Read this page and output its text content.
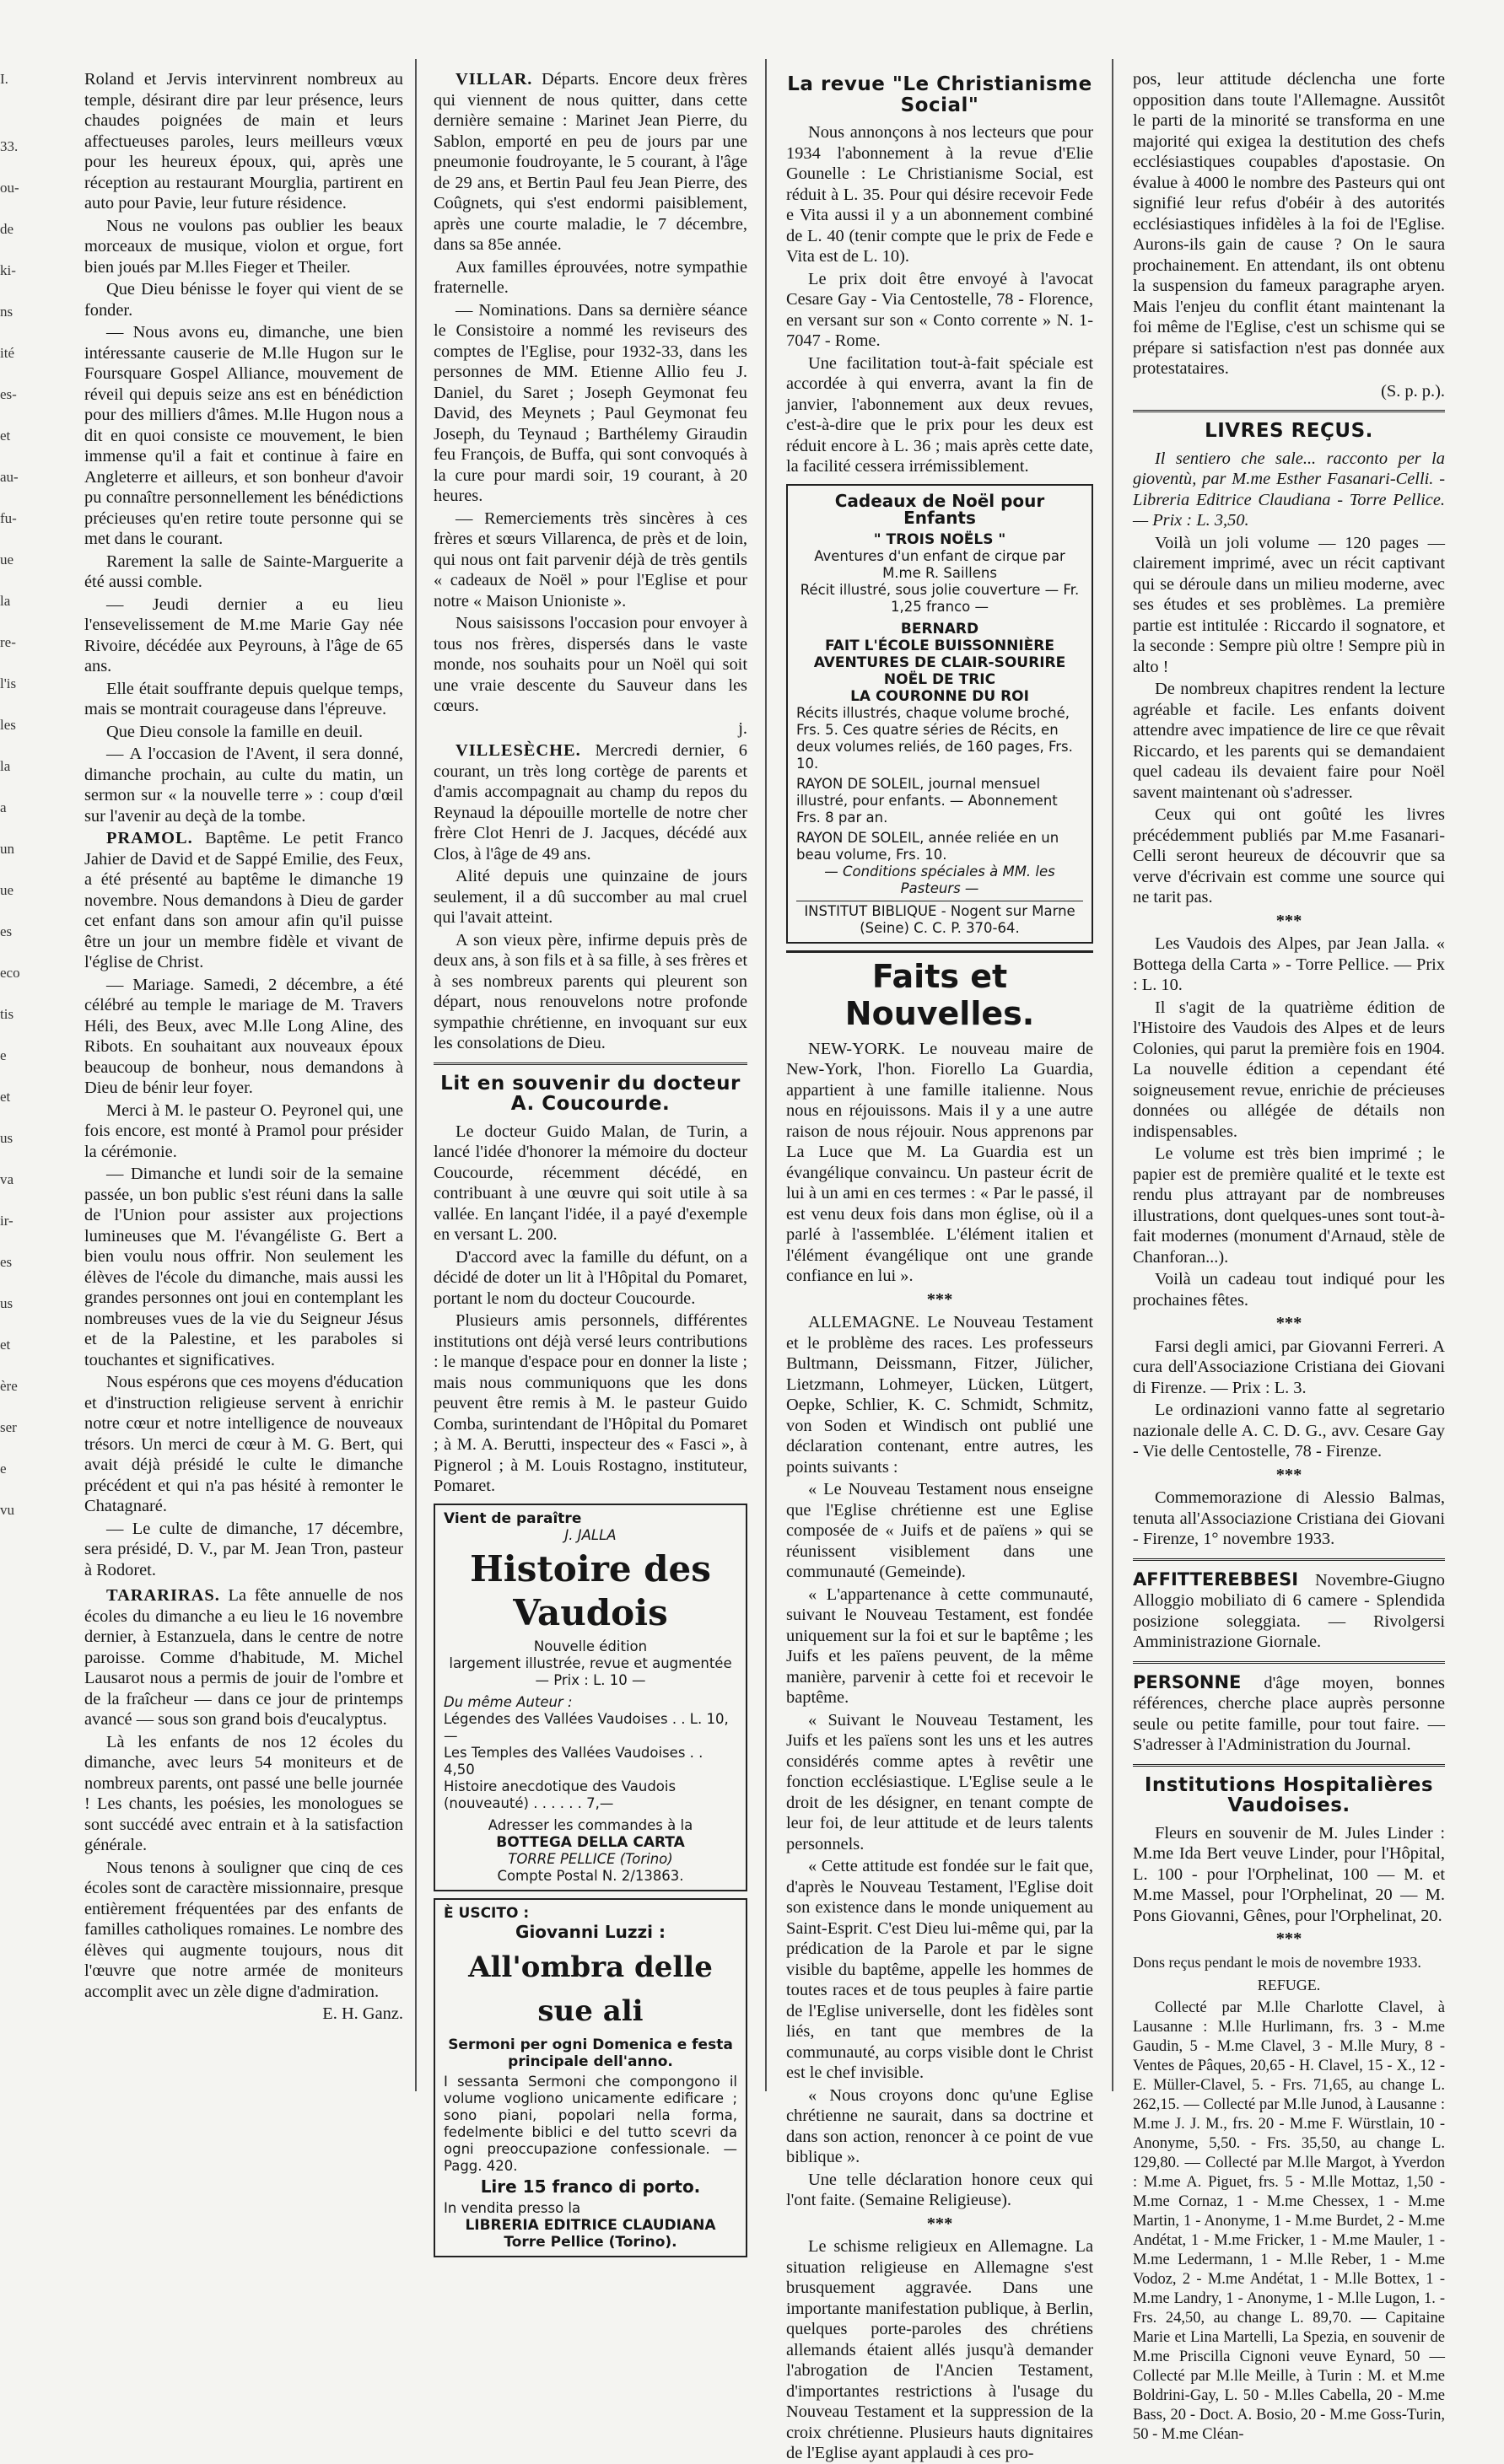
I.
33.
ou-
de
ki-
ns
ité
es-
et
au-
fu-
ue
la
re-
l'is
les
la
a
un
ue
es
eco
tis
e
et
us
va
ir-
es
us
et
ère
ser
e
vu

Roland et Jervis intervinrent nombreux au temple, désirant dire par leur présence, leurs chaudes poignées de main et leurs affectueuses paroles, leurs meilleurs vœux pour les heureux époux, qui, après une réception au restaurant Mourglia, partirent en auto pour Pavie, leur future résidence.

Nous ne voulons pas oublier les beaux morceaux de musique, violon et orgue, fort bien joués par M.lles Fieger et Theiler.

Que Dieu bénisse le foyer qui vient de se fonder.

— Nous avons eu, dimanche, une bien intéressante causerie de M.lle Hugon sur le Foursquare Gospel Alliance, mouvement de réveil qui depuis seize ans est en bénédiction pour des milliers d'âmes. M.lle Hugon nous a dit en quoi consiste ce mouvement, le bien immense qu'il a fait et continue à faire en Angleterre et ailleurs, et son bonheur d'avoir pu connaître personnellement les bénédictions précieuses qu'en retire toute personne qui se met dans le courant.

Rarement la salle de Sainte-Marguerite a été aussi comble.

— Jeudi dernier a eu lieu l'ensevelissement de M.me Marie Gay née Rivoire, décédée aux Peyrouns, à l'âge de 65 ans.

Elle était souffrante depuis quelque temps, mais se montrait courageuse dans l'épreuve.

Que Dieu console la famille en deuil.

— A l'occasion de l'Avent, il sera donné, dimanche prochain, au culte du matin, un sermon sur « la nouvelle terre » : coup d'œil sur l'avenir au deçà de la tombe.

PRAMOL. Baptême. Le petit Franco Jahier de David et de Sappé Emilie, des Feux, a été présenté au baptême le dimanche 19 novembre. Nous demandons à Dieu de garder cet enfant dans son amour afin qu'il puisse être un jour un membre fidèle et vivant de l'église de Christ.

— Mariage. Samedi, 2 décembre, a été célébré au temple le mariage de M. Travers Héli, des Beux, avec M.lle Long Aline, des Ribots. En souhaitant aux nouveaux époux beaucoup de bonheur, nous demandons à Dieu de bénir leur foyer.

Merci à M. le pasteur O. Peyronel qui, une fois encore, est monté à Pramol pour présider la cérémonie.

— Dimanche et lundi soir de la semaine passée, un bon public s'est réuni dans la salle de l'Union pour assister aux projections lumineuses que M. l'évangéliste G. Bert a bien voulu nous offrir. Non seulement les élèves de l'école du dimanche, mais aussi les grandes personnes ont joui en contemplant les nombreuses vues de la vie du Seigneur Jésus et de la Palestine, et les paraboles si touchantes et significatives.

Nous espérons que ces moyens d'éducation et d'instruction religieuse servent à enrichir notre cœur et notre intelligence de nouveaux trésors. Un merci de cœur à M. G. Bert, qui avait déjà présidé le culte le dimanche précédent et qui n'a pas hésité à remonter le Chatagnaré.

— Le culte de dimanche, 17 décembre, sera présidé, D. V., par M. Jean Tron, pasteur à Rodoret.

TARARIRAS. La fête annuelle de nos écoles du dimanche a eu lieu le 16 novembre dernier, à Estanzuela, dans le centre de notre paroisse. Comme d'habitude, M. Michel Lausarot nous a permis de jouir de l'ombre et de la fraîcheur — dans ce jour de printemps avancé — sous son grand bois d'eucalyptus.

Là les enfants de nos 12 écoles du dimanche, avec leurs 54 moniteurs et de nombreux parents, ont passé une belle journée ! Les chants, les poésies, les monologues se sont succédé avec entrain et à la satisfaction générale.

Nous tenons à souligner que cinq de ces écoles sont de caractère missionnaire, presque entièrement fréquentées par des enfants de familles catholiques romaines. Le nombre des élèves qui augmente toujours, nous dit l'œuvre que notre armée de moniteurs accomplit avec un zèle digne d'admiration.

E. H. Ganz.

VILLAR. Départs. Encore deux frères qui viennent de nous quitter, dans cette dernière semaine : Marinet Jean Pierre, du Sablon, emporté en peu de jours par une pneumonie foudroyante, le 5 courant, à l'âge de 29 ans, et Bertin Paul feu Jean Pierre, des Coûgnets, qui s'est endormi paisiblement, après une courte maladie, le 7 décembre, dans sa 85e année.

Aux familles éprouvées, notre sympathie fraternelle.

— Nominations. Dans sa dernière séance le Consistoire a nommé les reviseurs des comptes de l'Eglise, pour 1932-33, dans les personnes de MM. Etienne Allio feu J. Daniel, du Saret ; Joseph Geymonat feu David, des Meynets ; Paul Geymonat feu Joseph, du Teynaud ; Barthélemy Giraudin feu François, de Buffa, qui sont convoqués à la cure pour mardi soir, 19 courant, à 20 heures.

— Remerciements très sincères à ces frères et sœurs Villarenca, de près et de loin, qui nous ont fait parvenir déjà de très gentils « cadeaux de Noël » pour l'Eglise et pour notre « Maison Unioniste ».

Nous saisissons l'occasion pour envoyer à tous nos frères, dispersés dans le vaste monde, nos souhaits pour un Noël qui soit une vraie descente du Sauveur dans les cœurs.

j.

VILLESÈCHE. Mercredi dernier, 6 courant, un très long cortège de parents et d'amis accompagnait au champ du repos du Reynaud la dépouille mortelle de notre cher frère Clot Henri de J. Jacques, décédé aux Clos, à l'âge de 49 ans.

Alité depuis une quinzaine de jours seulement, il a dû succomber au mal cruel qui l'avait atteint.

A son vieux père, infirme depuis près de deux ans, à son fils et à sa fille, à ses frères et à ses nombreux parents qui pleurent son départ, nous renouvelons notre profonde sympathie chrétienne, en invoquant sur eux les consolations de Dieu.

Lit en souvenir du docteur A. Coucourde.

Le docteur Guido Malan, de Turin, a lancé l'idée d'honorer la mémoire du docteur Coucourde, récemment décédé, en contribuant à une œuvre qui soit utile à sa vallée. En lançant l'idée, il a payé d'exemple en versant L. 200.

D'accord avec la famille du défunt, on a décidé de doter un lit à l'Hôpital du Pomaret, portant le nom du docteur Coucourde.

Plusieurs amis personnels, différentes institutions ont déjà versé leurs contributions : le manque d'espace pour en donner la liste ; mais nous communiquons que les dons peuvent être remis à M. le pasteur Guido Comba, surintendant de l'Hôpital du Pomaret ; à M. A. Berutti, inspecteur des « Fasci », à Pignerol ; à M. Louis Rostagno, instituteur, Pomaret.

Vient de paraître
J. JALLA
Histoire des Vaudois
Nouvelle édition
largement illustrée, revue et augmentée
— Prix : L. 10 —
Du même Auteur :
Légendes des Vallées Vaudoises . . L. 10,—
Les Temples des Vallées Vaudoises . . 4,50
Histoire anecdotique des Vaudois (nouveauté) . . . . . . 7,—
Adresser les commandes à la
BOTTEGA DELLA CARTA
TORRE PELLICE (Torino)
Compte Postal N. 2/13863.
È USCITO :
Giovanni Luzzi :
All'ombra delle sue ali
Sermoni per ogni Domenica e festa principale dell'anno.
I sessanta Sermoni che compongono il volume vogliono unicamente edificare ; sono piani, popolari nella forma, fedelmente biblici e del tutto scevri da ogni preoccupazione confessionale. — Pagg. 420.
Lire 15 franco di porto.
In vendita presso la
LIBRERIA EDITRICE CLAUDIANA
Torre Pellice (Torino).
La revue "Le Christianisme Social"

Nous annonçons à nos lecteurs que pour 1934 l'abonnement à la revue d'Elie Gounelle : Le Christianisme Social, est réduit à L. 35. Pour qui désire recevoir Fede e Vita aussi il y a un abonnement combiné de L. 40 (tenir compte que le prix de Fede e Vita est de L. 10).

Le prix doit être envoyé à l'avocat Cesare Gay - Via Centostelle, 78 - Florence, en versant sur son « Conto corrente » N. 1-7047 - Rome.

Une facilitation tout-à-fait spéciale est accordée à qui enverra, avant la fin de janvier, l'abonnement aux deux revues, c'est-à-dire que le prix pour les deux est réduit encore à L. 36 ; mais après cette date, la facilité cessera irrémissiblement.

Cadeaux de Noël pour Enfants
" TROIS NOËLS "
Aventures d'un enfant de cirque par M.me R. Saillens
Récit illustré, sous jolie couverture — Fr. 1,25 franco —
BERNARD
FAIT L'ÉCOLE BUISSONNIÈRE
AVENTURES DE CLAIR-SOURIRE
NOËL DE TRIC
LA COURONNE DU ROI
Récits illustrés, chaque volume broché, Frs. 5. Ces quatre séries de Récits, en deux volumes reliés, de 160 pages, Frs. 10.
RAYON DE SOLEIL, journal mensuel illustré, pour enfants. — Abonnement Frs. 8 par an.
RAYON DE SOLEIL, année reliée en un beau volume, Frs. 10.
— Conditions spéciales à MM. les Pasteurs —
INSTITUT BIBLIQUE - Nogent sur Marne (Seine) C. C. P. 370-64.
Faits et Nouvelles.

NEW-YORK. Le nouveau maire de New-York, l'hon. Fiorello La Guardia, appartient à une famille italienne. Nous nous en réjouissons. Mais il y a une autre raison de nous réjouir. Nous apprenons par La Luce que M. La Guardia est un évangélique convaincu. Un pasteur écrit de lui à un ami en ces termes : « Par le passé, il est venu deux fois dans mon église, où il a parlé à l'assemblée. L'élément italien et l'élément évangélique ont une grande confiance en lui ».

***

ALLEMAGNE. Le Nouveau Testament et le problème des races. Les professeurs Bultmann, Deissmann, Fitzer, Jülicher, Lietzmann, Lohmeyer, Lücken, Lütgert, Oepke, Schlier, K. C. Schmidt, Schmitz, von Soden et Windisch ont publié une déclaration contenant, entre autres, les points suivants :

« Le Nouveau Testament nous enseigne que l'Eglise chrétienne est une Eglise composée de « Juifs et de païens » qui se réunissent visiblement dans une communauté (Gemeinde).

« L'appartenance à cette communauté, suivant le Nouveau Testament, est fondée uniquement sur la foi et sur le baptême ; les Juifs et les païens peuvent, de la même manière, parvenir à cette foi et recevoir le baptême.

« Suivant le Nouveau Testament, les Juifs et les païens sont les uns et les autres considérés comme aptes à revêtir une fonction ecclésiastique. L'Eglise seule a le droit de les désigner, en tenant compte de leur foi, de leur attitude et de leurs talents personnels.

« Cette attitude est fondée sur le fait que, d'après le Nouveau Testament, l'Eglise doit son existence dans le monde uniquement au Saint-Esprit. C'est Dieu lui-même qui, par la prédication de la Parole et par le signe visible du baptême, appelle les hommes de toutes races et de tous peuples à faire partie de l'Eglise universelle, dont les fidèles sont liés, en tant que membres de la communauté, au corps visible dont le Christ est le chef invisible.

« Nous croyons donc qu'une Eglise chrétienne ne saurait, dans sa doctrine et dans son action, renoncer à ce point de vue biblique ».

Une telle déclaration honore ceux qui l'ont faite. (Semaine Religieuse).

***

Le schisme religieux en Allemagne. La situation religieuse en Allemagne s'est brusquement aggravée. Dans une importante manifestation publique, à Berlin, quelques porte-paroles des chrétiens allemands étaient allés jusqu'à demander l'abrogation de l'Ancien Testament, d'importantes restrictions à l'usage du Nouveau Testament et la suppression de la croix chrétienne. Plusieurs hauts dignitaires de l'Eglise ayant applaudi à ces pro-

pos, leur attitude déclencha une forte opposition dans toute l'Allemagne. Aussitôt le parti de la minorité se transforma en une majorité qui exigea la destitution des chefs ecclésiastiques coupables d'apostasie. On évalue à 4000 le nombre des Pasteurs qui ont signifié leur refus d'obéir à des autorités ecclésiastiques infidèles à la foi de l'Eglise. Aurons-ils gain de cause ? On le saura prochainement. En attendant, ils ont obtenu la suspension du fameux paragraphe aryen. Mais l'enjeu du conflit étant maintenant la foi même de l'Eglise, c'est un schisme qui se prépare si satisfaction n'est pas donnée aux protestataires.

(S. p. p.).

LIVRES REÇUS.

Il sentiero che sale... racconto per la gioventù, par M.me Esther Fasanari-Celli. - Libreria Editrice Claudiana - Torre Pellice. — Prix : L. 3,50.

Voilà un joli volume — 120 pages — clairement imprimé, avec un récit captivant qui se déroule dans un milieu moderne, avec ses études et ses problèmes. La première partie est intitulée : Riccardo il sognatore, et la seconde : Sempre più oltre ! Sempre più in alto !

De nombreux chapitres rendent la lecture agréable et facile. Les enfants doivent attendre avec impatience de lire ce que rêvait Riccardo, et les parents qui se demandaient quel cadeau ils devaient faire pour Noël savent maintenant où s'adresser.

Ceux qui ont goûté les livres précédemment publiés par M.me Fasanari-Celli seront heureux de découvrir que sa verve d'écrivain est comme une source qui ne tarit pas.

***

Les Vaudois des Alpes, par Jean Jalla. « Bottega della Carta » - Torre Pellice. — Prix : L. 10.

Il s'agit de la quatrième édition de l'Histoire des Vaudois des Alpes et de leurs Colonies, qui parut la première fois en 1904. La nouvelle édition a cependant été soigneusement revue, enrichie de précieuses données ou allégée de détails non indispensables.

Le volume est très bien imprimé ; le papier est de première qualité et le texte est rendu plus attrayant par de nombreuses illustrations, dont quelques-unes sont tout-à-fait modernes (monument d'Arnaud, stèle de Chanforan...).

Voilà un cadeau tout indiqué pour les prochaines fêtes.

***

Farsi degli amici, par Giovanni Ferreri. A cura dell'Associazione Cristiana dei Giovani di Firenze. — Prix : L. 3.

Le ordinazioni vanno fatte al segretario nazionale delle A. C. D. G., avv. Cesare Gay - Vie delle Centostelle, 78 - Firenze.

***

Commemorazione di Alessio Balmas, tenuta all'Associazione Cristiana dei Giovani - Firenze, 1° novembre 1933.

AFFITTEREBBESI Novembre-Giugno Alloggio mobiliato di 6 camere - Splendida posizione soleggiata. — Rivolgersi Amministrazione Giornale.
PERSONNE d'âge moyen, bonnes références, cherche place auprès personne seule ou petite famille, pour tout faire. — S'adresser à l'Administration du Journal.
Institutions Hospitalières Vaudoises.

Fleurs en souvenir de M. Jules Linder : M.me Ida Bert veuve Linder, pour l'Hôpital, L. 100 - pour l'Orphelinat, 100 — M. et M.me Massel, pour l'Orphelinat, 20 — M. Pons Giovanni, Gênes, pour l'Orphelinat, 20.

***

Dons reçus pendant le mois de novembre 1933.

REFUGE.

Collecté par M.lle Charlotte Clavel, à Lausanne : M.lle Hurlimann, frs. 3 - M.me Gaudin, 5 - M.me Clavel, 3 - M.lle Mury, 8 - Ventes de Pâques, 20,65 - H. Clavel, 15 - X., 12 - E. Müller-Clavel, 5. - Frs. 71,65, au change L. 262,15. — Collecté par M.lle Junod, à Lausanne : M.me J. J. M., frs. 20 - M.me F. Würstlain, 10 - Anonyme, 5,50. - Frs. 35,50, au change L. 129,80. — Collecté par M.lle Margot, à Yverdon : M.me A. Piguet, frs. 5 - M.lle Mottaz, 1,50 - M.me Cornaz, 1 - M.me Chessex, 1 - M.me Martin, 1 - Anonyme, 1 - M.me Burdet, 2 - M.me Andétat, 1 - M.me Fricker, 1 - M.me Mauler, 1 - M.me Ledermann, 1 - M.lle Reber, 1 - M.me Vodoz, 2 - M.me Andétat, 1 - M.lle Bottex, 1 - M.me Landry, 1 - Anonyme, 1 - M.lle Lugon, 1. - Frs. 24,50, au change L. 89,70. — Capitaine Marie et Lina Martelli, La Spezia, en souvenir de M.me Priscilla Cignoni veuve Eynard, 50 — Collecté par M.lle Meille, à Turin : M. et M.me Boldrini-Gay, L. 50 - M.lles Cabella, 20 - M.me Bass, 20 - Doct. A. Bosio, 20 - M.me Goss-Turin, 50 - M.me Cléan-
